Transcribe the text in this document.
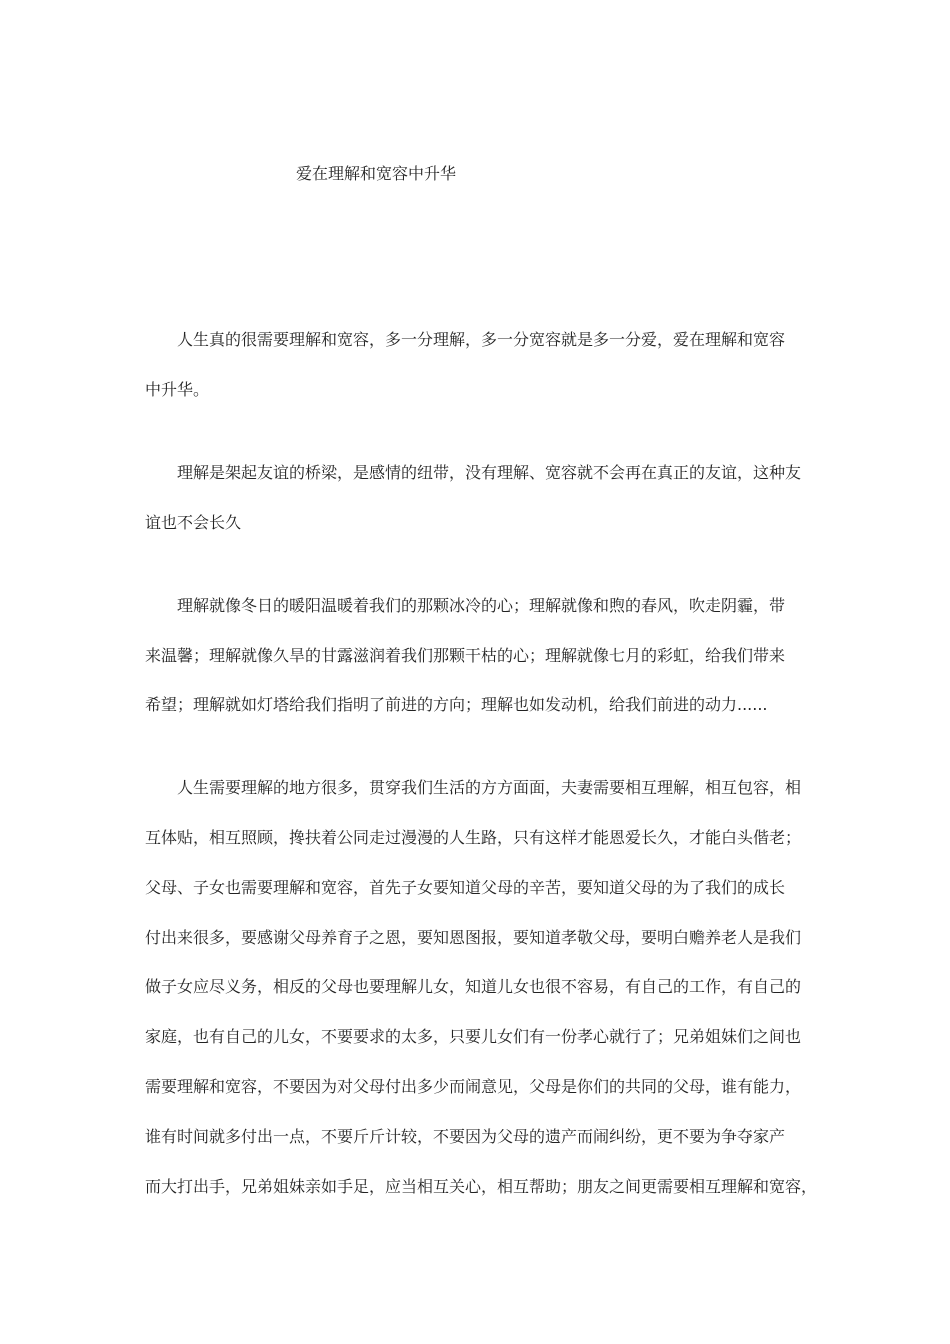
爱在理解和宽容中升华
人生真的很需要理解和宽容，多一分理解，多一分宽容就是多一分爱，爱在理解和宽容
中升华。
理解是架起友谊的桥梁，是感情的纽带，没有理解、宽容就不会再在真正的友谊，这种友
谊也不会长久
理解就像冬日的暖阳温暖着我们的那颗冰冷的心；理解就像和煦的春风，吹走阴霾，带
来温馨；理解就像久旱的甘露滋润着我们那颗干枯的心；理解就像七月的彩虹，给我们带来
希望；理解就如灯塔给我们指明了前进的方向；理解也如发动机，给我们前进的动力......
人生需要理解的地方很多，贯穿我们生活的方方面面，夫妻需要相互理解，相互包容，相
互体贴，相互照顾，搀扶着公同走过漫漫的人生路，只有这样才能恩爱长久，才能白头偕老；
父母、子女也需要理解和宽容，首先子女要知道父母的辛苦，要知道父母的为了我们的成长
付出来很多，要感谢父母养育子之恩，要知恩图报，要知道孝敬父母，要明白赡养老人是我们
做子女应尽义务，相反的父母也要理解儿女，知道儿女也很不容易，有自己的工作，有自己的
家庭，也有自己的儿女，不要要求的太多，只要儿女们有一份孝心就行了；兄弟姐妹们之间也
需要理解和宽容，不要因为对父母付出多少而闹意见，父母是你们的共同的父母，谁有能力，
谁有时间就多付出一点，不要斤斤计较，不要因为父母的遗产而闹纠纷，更不要为争夺家产
而大打出手，兄弟姐妹亲如手足，应当相互关心，相互帮助；朋友之间更需要相互理解和宽容，
